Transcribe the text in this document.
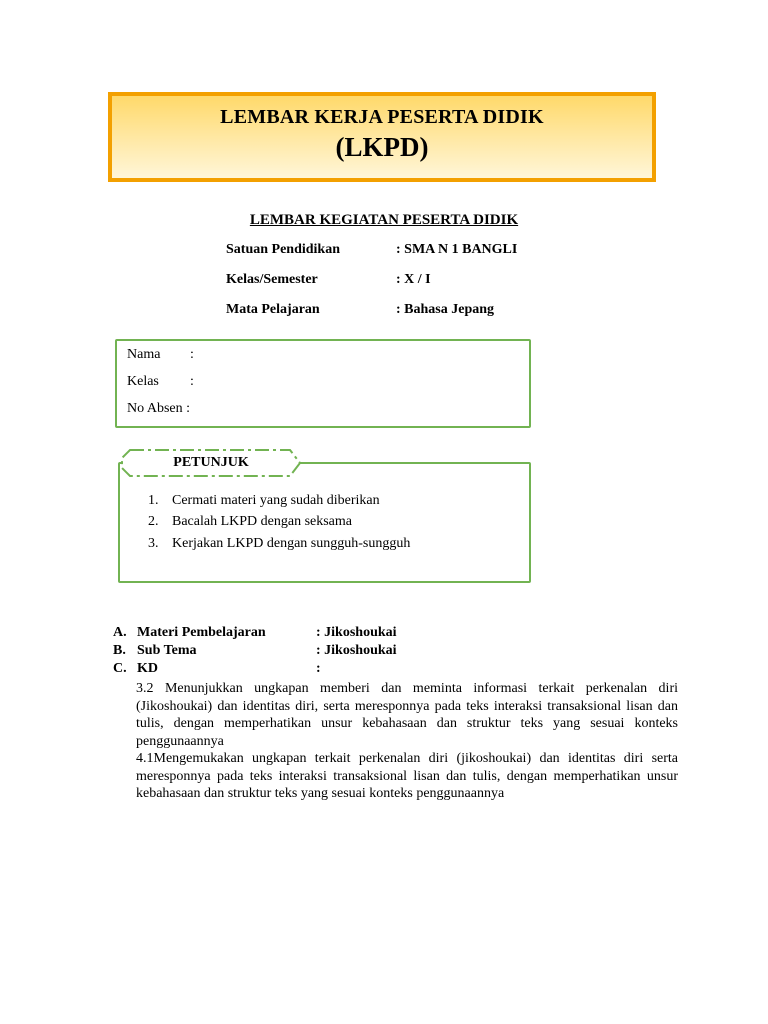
LEMBAR KERJA PESERTA DIDIK
(LKPD)
LEMBAR KEGIATAN PESERTA DIDIK
Satuan Pendidikan	: SMA N 1 BANGLI
Kelas/Semester	: X / I
Mata Pelajaran	: Bahasa Jepang
Nama :
Kelas :
No Absen :
PETUNJUK
1. Cermati materi yang sudah diberikan
2. Bacalah LKPD dengan seksama
3. Kerjakan LKPD dengan sungguh-sungguh
A. Materi Pembelajaran	: Jikoshoukai
B. Sub Tema	: Jikoshoukai
C. KD	:
3.2 Menunjukkan ungkapan memberi dan meminta informasi terkait perkenalan diri (Jikoshoukai) dan identitas diri, serta meresponnya pada teks interaksi transaksional lisan dan tulis, dengan memperhatikan unsur kebahasaan dan struktur teks yang sesuai konteks penggunaannya
4.1Mengemukakan ungkapan terkait perkenalan diri (jikoshoukai) dan identitas diri serta meresponnya pada teks interaksi transaksional lisan dan tulis, dengan memperhatikan unsur kebahasaan dan struktur teks yang sesuai konteks penggunaannya
